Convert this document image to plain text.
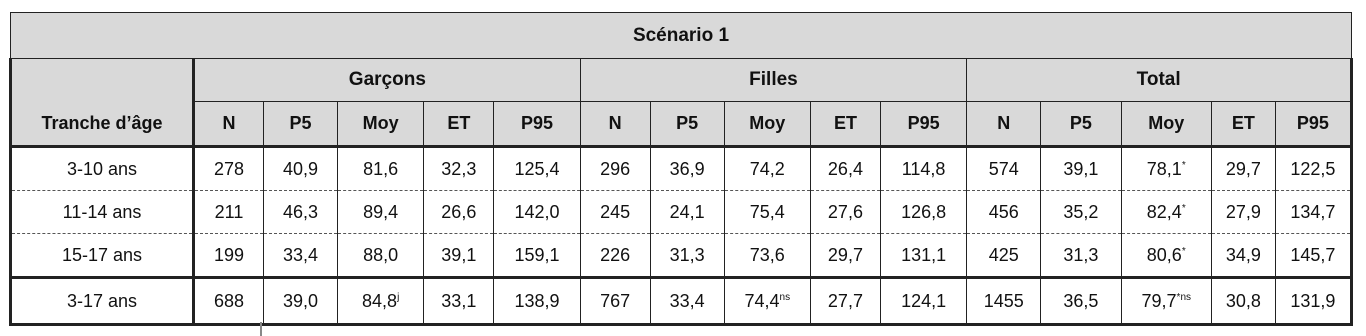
Scénario 1															
	Garçons					Filles					Total				
Tranche d’âge	N	P5	Moy	ET	P95	N	P5	Moy	ET	P95	N	P5	Moy	ET	P95
3-10 ans	278	40,9	81,6	32,3	125,4	296	36,9	74,2	26,4	114,8	574	39,1	78,1*	29,7	122,5
11-14 ans	211	46,3	89,4	26,6	142,0	245	24,1	75,4	27,6	126,8	456	35,2	82,4*	27,9	134,7
15-17 ans	199	33,4	88,0	39,1	159,1	226	31,3	73,6	29,7	131,1	425	31,3	80,6*	34,9	145,7
3-17 ans	688	39,0	84,8$^j$	33,1	138,9	767	33,4	$74,4^{ns}$	27,7	124,1	1455	36,5	$79,7^{*ns}$	30,8	131,9
